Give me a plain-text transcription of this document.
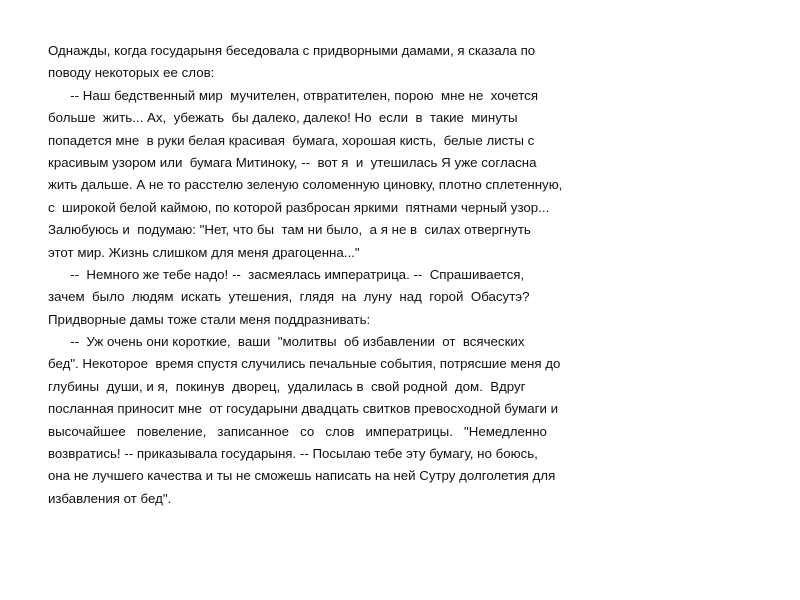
Однажды, когда государыня беседовала с придворными дамами, я сказала по
поводу некоторых ее слов:
-- Наш бедственный мир  мучителен, отвратителен, порою  мне не  хочется
больше  жить... Ах,  убежать  бы далеко, далеко! Но  если  в  такие  минуты
попадется мне  в руки белая красивая  бумага, хорошая кисть,  белые листы с
красивым узором или  бумага Митиноку, --  вот я  и  утешилась Я уже согласна
жить дальше. А не то расстелю зеленую соломенную циновку, плотно сплетенную,
с  широкой белой каймою, по которой разбросан яркими  пятнами черный узор...
Залюбуюсь и  подумаю: "Нет, что бы  там ни было,  а я не в  силах отвергнуть
этот мир. Жизнь слишком для меня драгоценна..."
--  Немного же тебе надо! --  засмеялась императрица. --  Спрашивается,
зачем  было  людям  искать  утешения,  глядя  на  луну  над  горой  Обасутэ?
Придворные дамы тоже стали меня поддразнивать:
--  Уж очень они короткие,  ваши  "молитвы  об избавлении  от  всяческих
бед". Некоторое  время спустя случились печальные события, потрясшие меня до
глубины  души, и я,  покинув  дворец,  удалилась в  свой родной  дом.  Вдруг
посланная приносит мне  от государыни двадцать свитков превосходной бумаги и
высочайшее   повеление,   записанное   со   слов   императрицы.   "Немедленно
возвратись! -- приказывала государыня. -- Посылаю тебе эту бумагу, но боюсь,
она не лучшего качества и ты не сможешь написать на ней Сутру долголетия для
избавления от бед".
